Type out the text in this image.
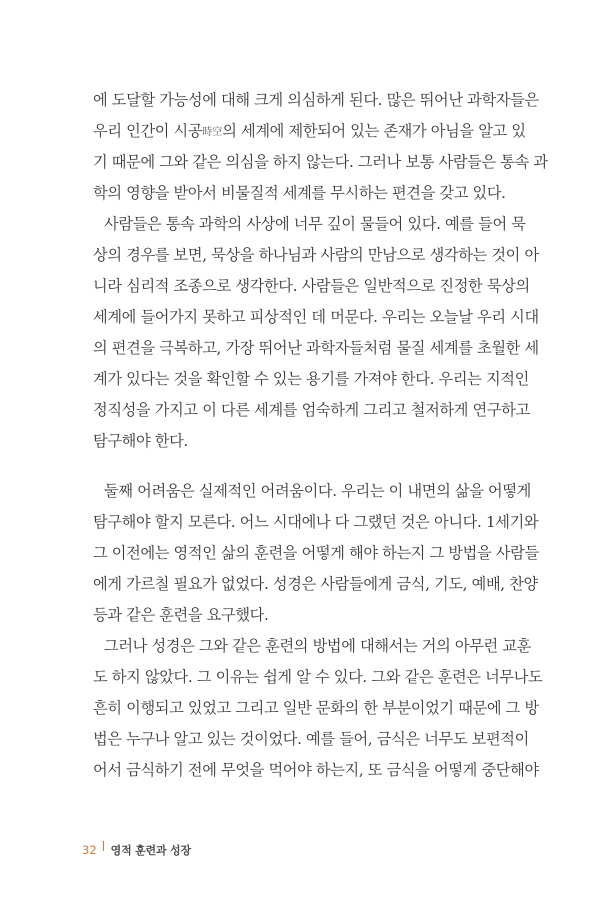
에 도달할 가능성에 대해 크게 의심하게 된다. 많은 뛰어난 과학자들은
우리 인간이 시공時空의 세계에 제한되어 있는 존재가 아님을 알고 있
기 때문에 그와 같은 의심을 하지 않는다. 그러나 보통 사람들은 통속 과
학의 영향을 받아서 비물질적 세계를 무시하는 편견을 갖고 있다.
사람들은 통속 과학의 사상에 너무 깊이 물들어 있다. 예를 들어 묵
상의 경우를 보면, 묵상을 하나님과 사람의 만남으로 생각하는 것이 아
니라 심리적 조종으로 생각한다. 사람들은 일반적으로 진정한 묵상의
세계에 들어가지 못하고 피상적인 데 머문다. 우리는 오늘날 우리 시대
의 편견을 극복하고, 가장 뛰어난 과학자들처럼 물질 세계를 초월한 세
계가 있다는 것을 확인할 수 있는 용기를 가져야 한다. 우리는 지적인
정직성을 가지고 이 다른 세계를 엄숙하게 그리고 철저하게 연구하고
탐구해야 한다.
둘째 어려움은 실제적인 어려움이다. 우리는 이 내면의 삶을 어떻게
탐구해야 할지 모른다. 어느 시대에나 다 그랬던 것은 아니다. 1세기와
그 이전에는 영적인 삶의 훈련을 어떻게 해야 하는지 그 방법을 사람들
에게 가르칠 필요가 없었다. 성경은 사람들에게 금식, 기도, 예배, 찬양
등과 같은 훈련을 요구했다.
그러나 성경은 그와 같은 훈련의 방법에 대해서는 거의 아무런 교훈
도 하지 않았다. 그 이유는 쉽게 알 수 있다. 그와 같은 훈련은 너무나도
흔히 이행되고 있었고 그리고 일반 문화의 한 부분이었기 때문에 그 방
법은 누구나 알고 있는 것이었다. 예를 들어, 금식은 너무도 보편적이
어서 금식하기 전에 무엇을 먹어야 하는지, 또 금식을 어떻게 중단해야
32 영적 훈련과 성장
